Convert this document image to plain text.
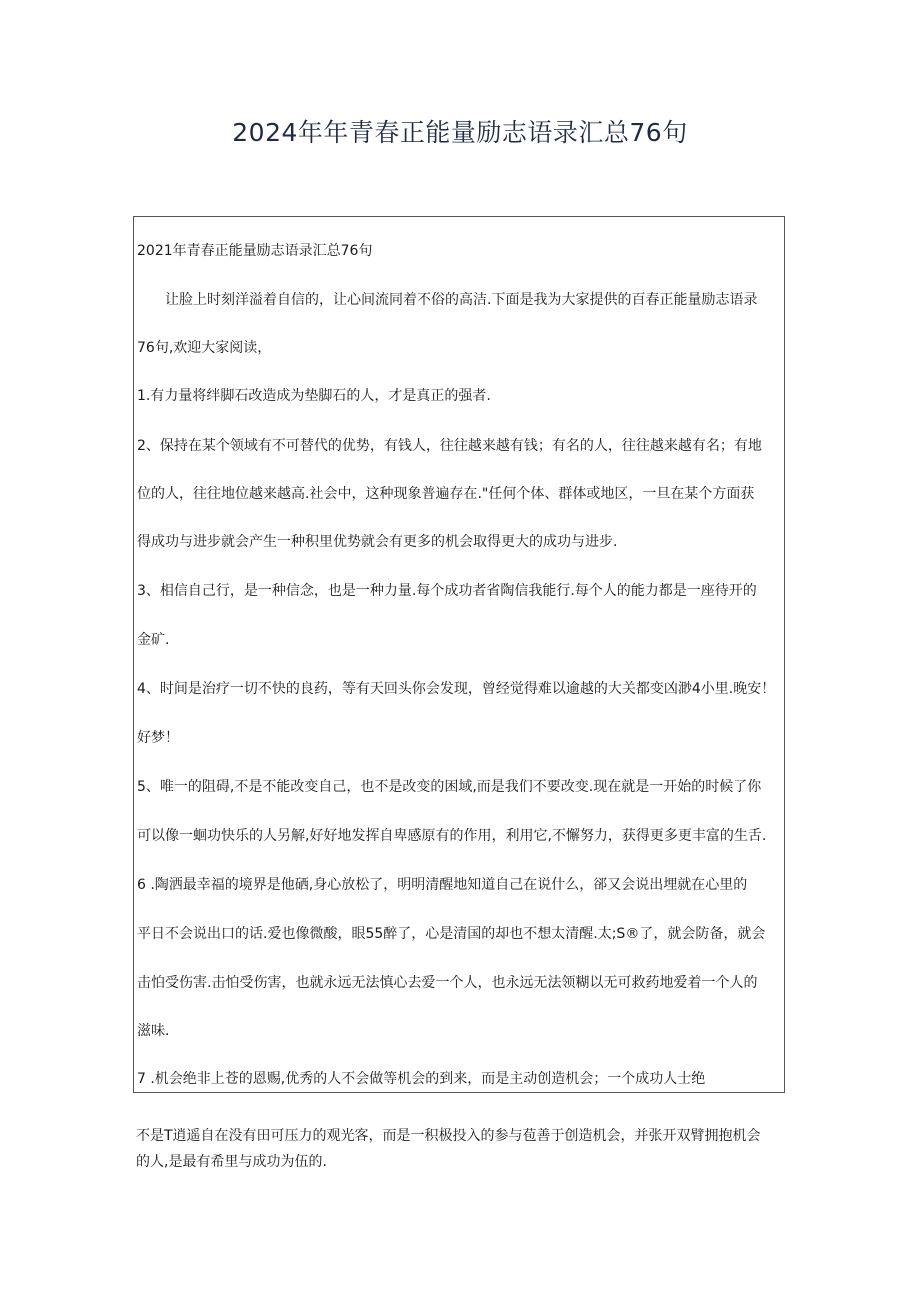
2024年年青春正能量励志语录汇总76句
2021年青春正能量励志语录汇总76句
让脸上时刻洋溢着自信的，让心间流同着不俗的高洁.下面是我为大家提供的百春正能量励志语录
76句,欢迎大家阅读，
1.有力量将绊脚石改造成为垫脚石的人，才是真正的强者.
2、保持在某个领域有不可替代的优势，有钱人，往往越来越有钱；有名的人，往往越来越有名；有地
位的人，往往地位越来越高.社会中，这种现象普遍存在."任何个体、群体或地区，一旦在某个方面获
得成功与进步就会产生一种积里优势就会有更多的机会取得更大的成功与进步.
3、相信自己行，是一种信念，也是一种力量.每个成功者省陶信我能行.每个人的能力都是一座待开的
金矿.
4、时间是治疗一切不快的良药，等有天回头你会发现，曾经觉得难以逾越的大关都变凶渺4小里.晚安！
好梦！
5、唯一的阻碍,不是不能改变自己，也不是改变的困域,而是我们不要改变.现在就是一开始的时候了你
可以像一蛔功快乐的人另解,好好地发挥自卑感原有的作用，利用它,不懈努力，获得更多更丰富的生舌.
6 .陶洒最幸福的境界是他硒,身心放松了，明明清醒地知道自己在说什么，郤又会说出埋就在心里的
平日不会说出口的话.爱也像微酸，眼55醉了，心是清国的却也不想太清醒.太;S®了，就会防备，就会
击怕受伤害.击怕受伤害，也就永远无法慎心去爱一个人，也永远无法领糊以无可救药地爱着一个人的
滋味.
7 .机会绝非上苍的恩赐,优秀的人不会做等机会的到来，而是主动创造机会；一个成功人士绝
不是T逍遥自在没有田可压力的观光客，而是一积极投入的参与苞善于创造机会，并张开双臂拥抱机会
的人,是最有希里与成功为伍的.
